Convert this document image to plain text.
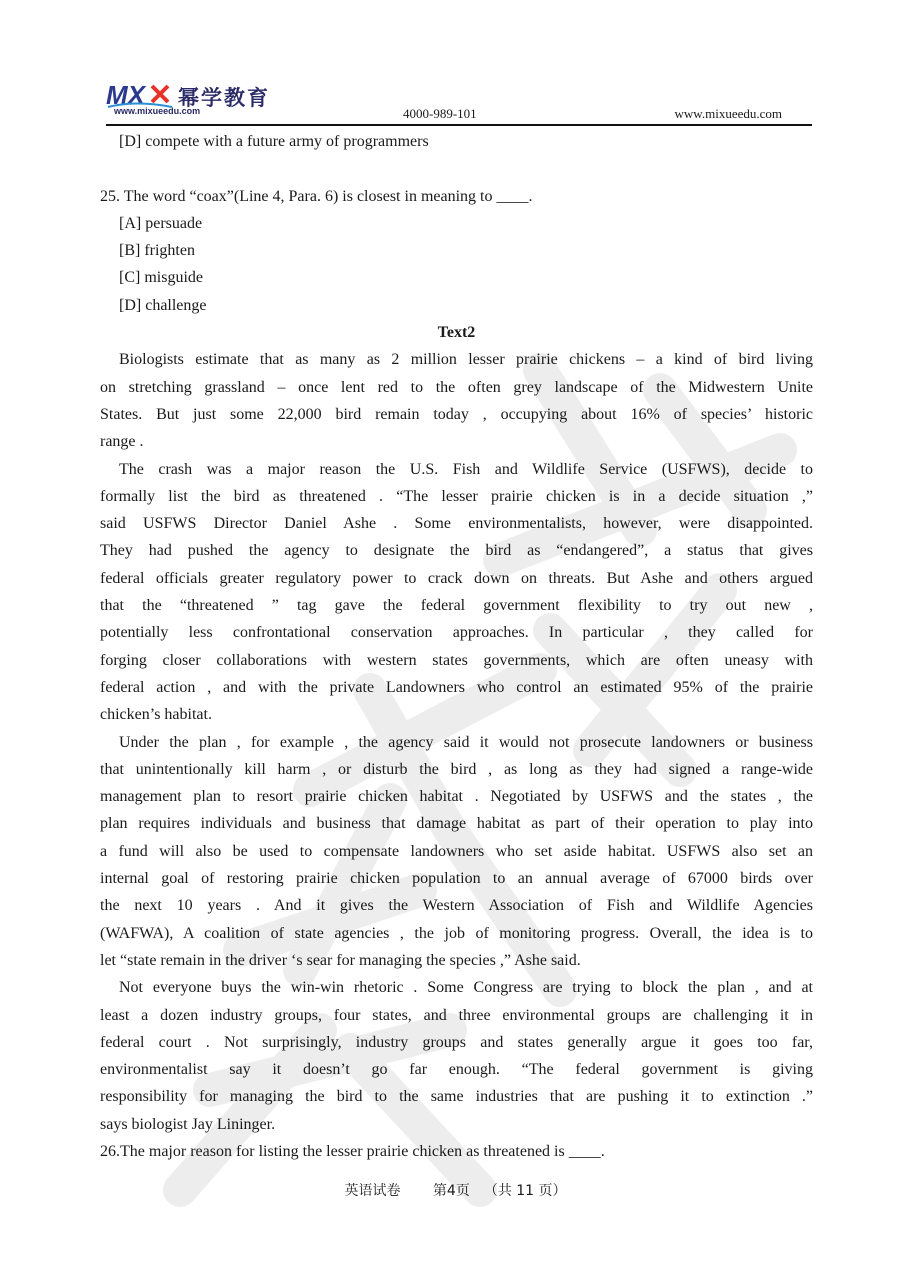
MX 幂学教育
www.mixueedu.com	4000-989-101	www.mixueedu.com
[D] compete with a future army of programmers
25. The word “coax”(Line 4, Para. 6) is closest in meaning to ____.
[A] persuade
[B] frighten
[C] misguide
[D] challenge
Text2
Biologists estimate that as many as 2 million lesser prairie chickens – a kind of bird living
on stretching grassland – once lent red to the often grey landscape of the Midwestern Unite
States. But just some 22,000 bird remain today , occupying about 16% of species’ historic
range .
The crash was a major reason the U.S. Fish and Wildlife Service (USFWS), decide to
formally list the bird as threatened . “The lesser prairie chicken is in a decide situation ,”
said USFWS Director Daniel Ashe . Some environmentalists, however, were disappointed.
They had pushed the agency to designate the bird as “endangered”, a status that gives
federal officials greater regulatory power to crack down on threats. But Ashe and others argued
that the “threatened ” tag gave the federal government flexibility to try out new ,
potentially less confrontational conservation approaches. In particular , they called for
forging closer collaborations with western states governments, which are often uneasy with
federal action , and with the private Landowners who control an estimated 95% of the prairie
chicken’s habitat.
Under the plan , for example , the agency said it would not prosecute landowners or business
that unintentionally kill harm , or disturb the bird , as long as they had signed a range-wide
management plan to resort prairie chicken habitat . Negotiated by USFWS and the states , the
plan requires individuals and business that damage habitat as part of their operation to play into
a fund will also be used to compensate landowners who set aside habitat. USFWS also set an
internal goal of restoring prairie chicken population to an annual average of 67000 birds over
the next 10 years . And it gives the Western Association of Fish and Wildlife Agencies
(WAFWA), A coalition of state agencies , the job of monitoring progress. Overall, the idea is to
let “state remain in the driver ‘s sear for managing the species ,” Ashe said.
Not everyone buys the win-win rhetoric . Some Congress are trying to block the plan , and at
least a dozen industry groups, four states, and three environmental groups are challenging it in
federal court . Not surprisingly, industry groups and states generally argue it goes too far,
environmentalist say it doesn’t go far enough. “The federal government is giving
responsibility for managing the bird to the same industries that are pushing it to extinction .”
says biologist Jay Lininger.
26.The major reason for listing the lesser prairie chicken as threatened is ____.
英语试卷 第4页 （共 11 页）
